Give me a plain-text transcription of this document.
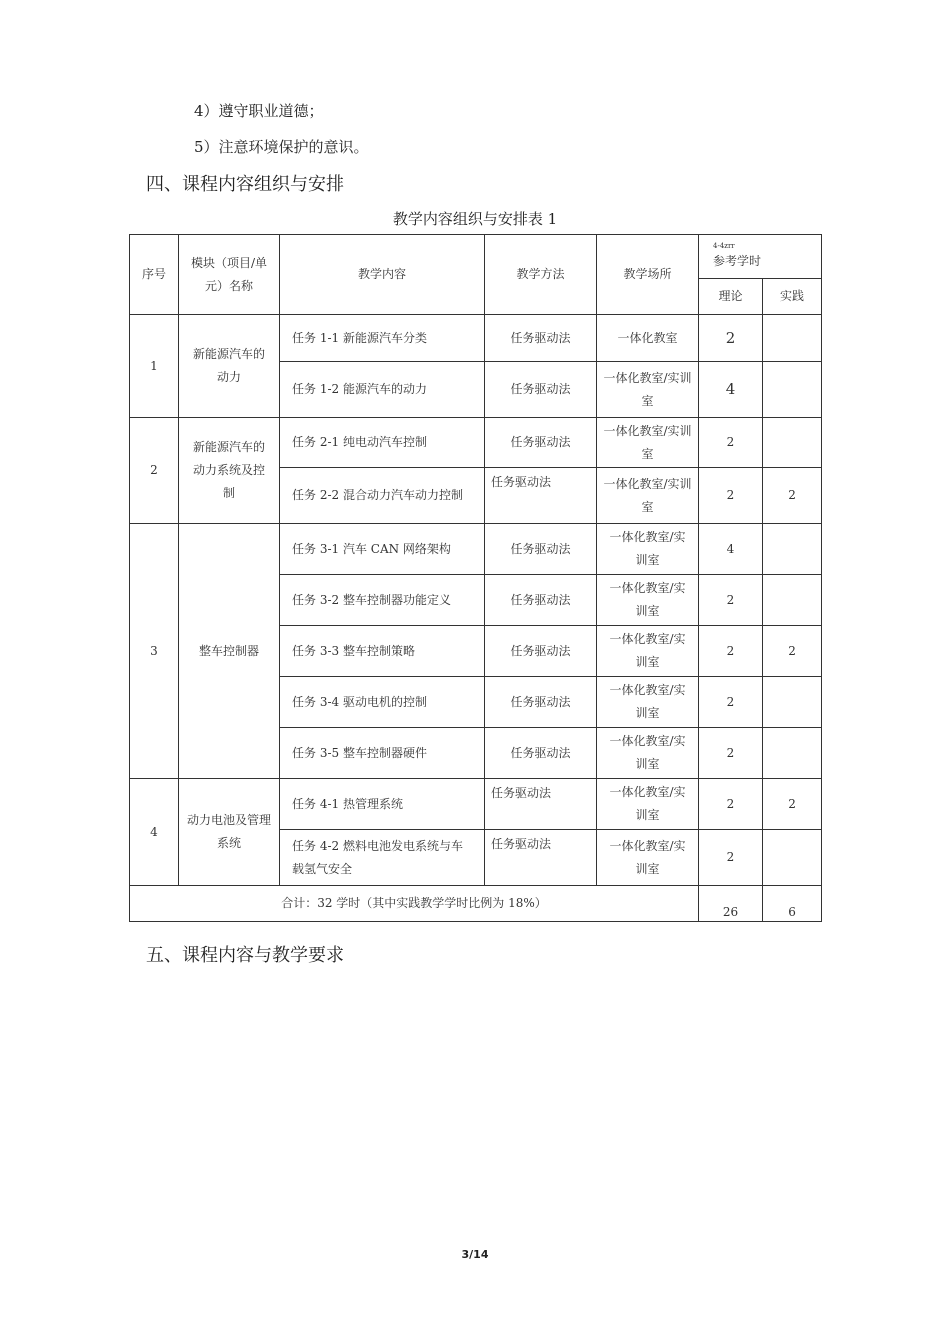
4）遵守职业道德；
5）注意环境保护的意识。
四、课程内容组织与安排
教学内容组织与安排表 1
序号	模块（项目/单元）名称	教学内容	教学方法	教学场所	4-4zrr
参考学时	

					理论	实践
1	新能源汽车的动力	任务 1-1 新能源汽车分类	任务驱动法	一体化教室	2	
		任务 1-2 能源汽车的动力	任务驱动法	一体化教室/实训室	4	
2	新能源汽车的动力系统及控制	任务 2-1 纯电动汽车控制	任务驱动法	一体化教室/实训室	2	
		任务 2-2 混合动力汽车动力控制	任务驱动法	一体化教室/实训室	2	2
3	整车控制器	任务 3-1 汽车 CAN 网络架构	任务驱动法	一体化教室/实训室	4	
		任务 3-2 整车控制器功能定义	任务驱动法	一体化教室/实训室	2	
		任务 3-3 整车控制策略	任务驱动法	一体化教室/实训室	2	2
		任务 3-4 驱动电机的控制	任务驱动法	一体化教室/实训室	2	
		任务 3-5 整车控制器硬件	任务驱动法	一体化教室/实训室	2	
4	动力电池及管理系统	任务 4-1 热管理系统	任务驱动法	一体化教室/实训室	2	2
		任务 4-2 燃料电池发电系统与车载氢气安全	任务驱动法	一体化教室/实训室	2	
合计：32 学时（其中实践教学学时比例为 18%）					26	6
五、课程内容与教学要求
3/14
